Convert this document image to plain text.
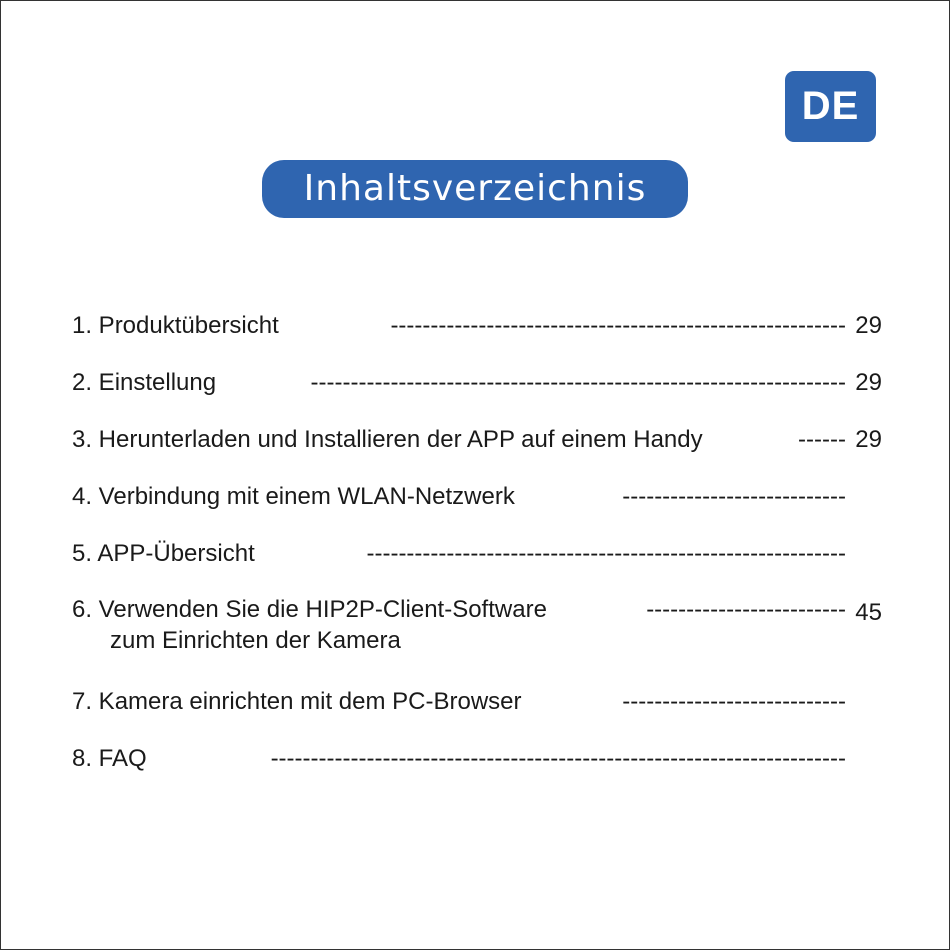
DE
Inhaltsverzeichnis
1. Produktübersicht	--------------------------------------------------------- 29
2. Einstellung	------------------------------------------------------------------- 29
3. Herunterladen und Installieren der APP auf einem Handy	------ 29
4. Verbindung mit einem WLAN-Netzwerk	----------------------------
5. APP-Übersicht	------------------------------------------------------------
6. Verwenden Sie die HIP2P-Client-Software	------------------------- 45
zum Einrichten der Kamera
7. Kamera einrichten mit dem PC-Browser	----------------------------
8. FAQ	------------------------------------------------------------------------
